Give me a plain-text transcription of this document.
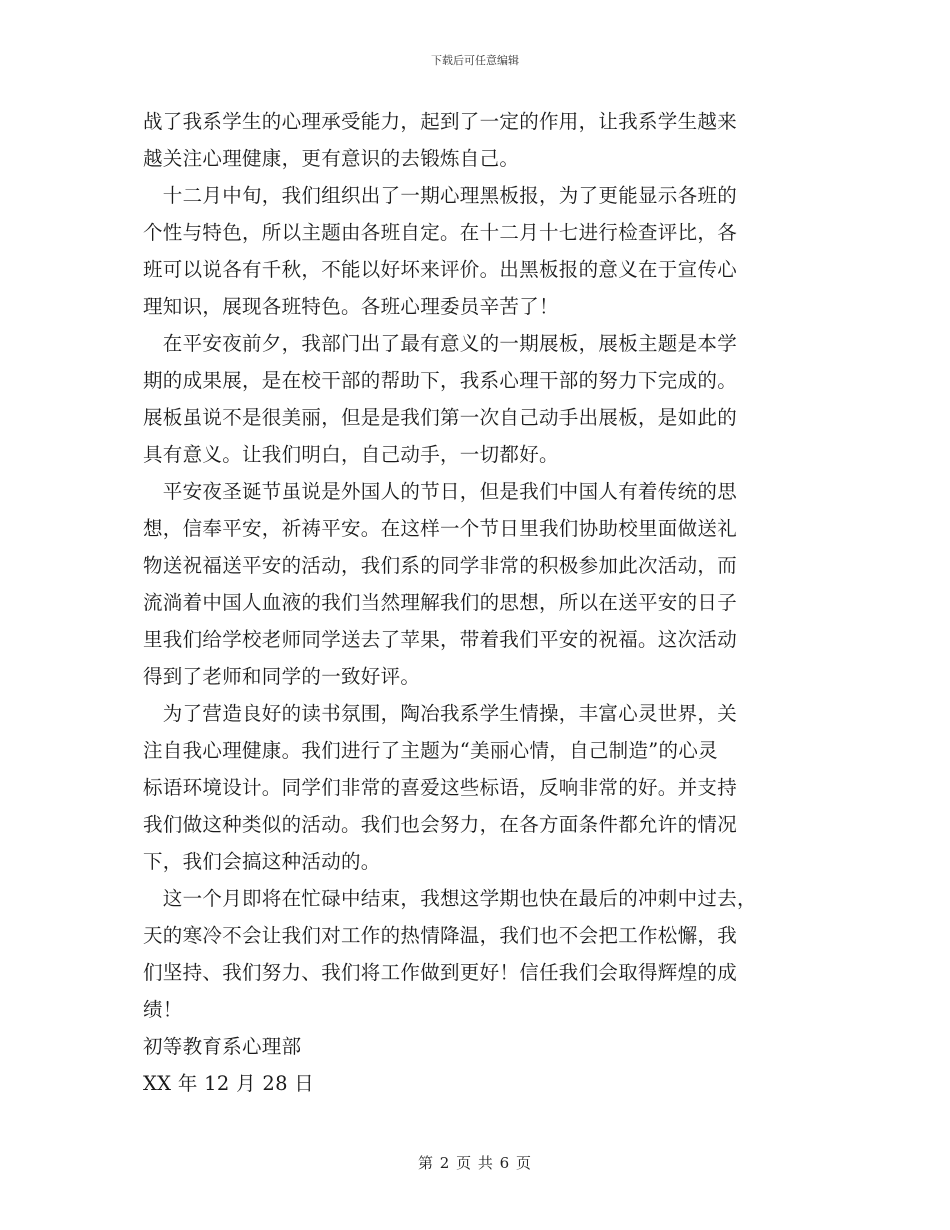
下载后可任意编辑
战了我系学生的心理承受能力，起到了一定的作用，让我系学生越来
越关注心理健康，更有意识的去锻炼自己。
　十二月中旬，我们组织出了一期心理黑板报，为了更能显示各班的
个性与特色，所以主题由各班自定。在十二月十七进行检查评比，各
班可以说各有千秋，不能以好坏来评价。出黑板报的意义在于宣传心
理知识，展现各班特色。各班心理委员辛苦了！
　在平安夜前夕，我部门出了最有意义的一期展板，展板主题是本学
期的成果展，是在校干部的帮助下，我系心理干部的努力下完成的。
展板虽说不是很美丽，但是是我们第一次自己动手出展板，是如此的
具有意义。让我们明白，自己动手，一切都好。
　平安夜圣诞节虽说是外国人的节日，但是我们中国人有着传统的思
想，信奉平安，祈祷平安。在这样一个节日里我们协助校里面做送礼
物送祝福送平安的活动，我们系的同学非常的积极参加此次活动，而
流淌着中国人血液的我们当然理解我们的思想，所以在送平安的日子
里我们给学校老师同学送去了苹果，带着我们平安的祝福。这次活动
得到了老师和同学的一致好评。
　为了营造良好的读书氛围，陶冶我系学生情操，丰富心灵世界，关
注自我心理健康。我们进行了主题为“美丽心情，自己制造”的心灵
标语环境设计。同学们非常的喜爱这些标语，反响非常的好。并支持
我们做这种类似的活动。我们也会努力，在各方面条件都允许的情况
下，我们会搞这种活动的。
　这一个月即将在忙碌中结束，我想这学期也快在最后的冲刺中过去，
天的寒冷不会让我们对工作的热情降温，我们也不会把工作松懈，我
们坚持、我们努力、我们将工作做到更好！信任我们会取得辉煌的成
绩！
初等教育系心理部
XX 年 12 月 28 日
第 2 页 共 6 页
